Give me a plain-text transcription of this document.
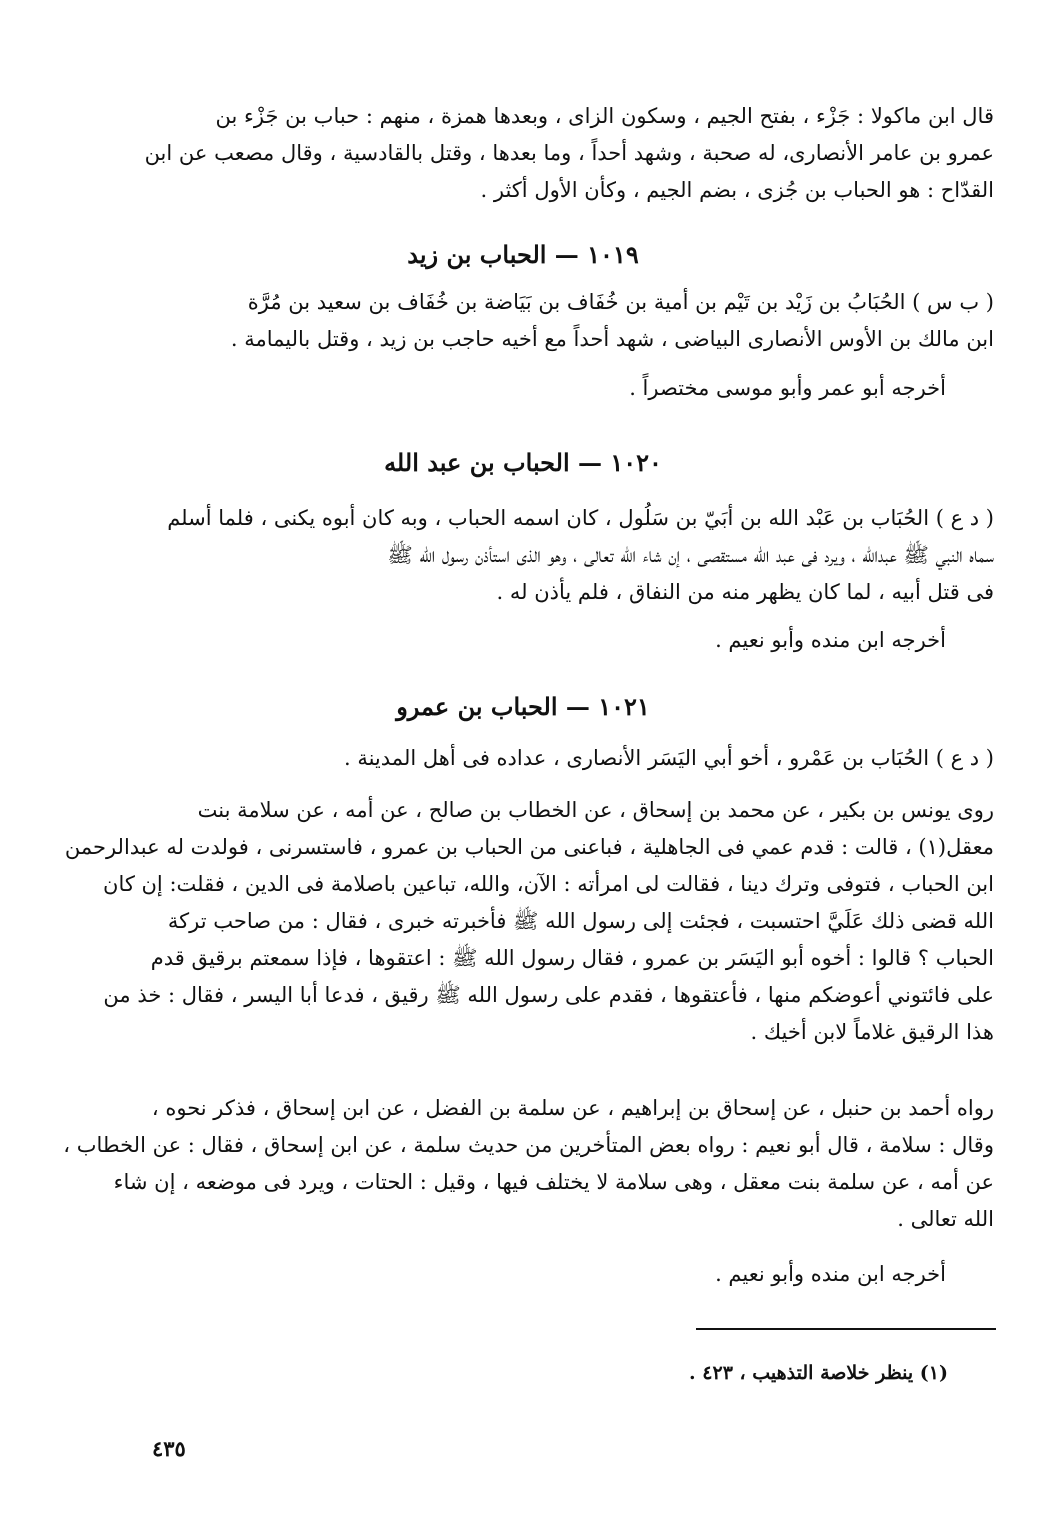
قال ابن ماكولا : جَزْء ، بفتح الجيم ، وسكون الزاى ، وبعدها همزة ، منهم : حباب بن جَزْء بن
عمرو بن عامر الأنصارى، له صحبة ، وشهد أحداً ، وما بعدها ، وقتل بالقادسية ، وقال مصعب عن ابن
القدّاح : هو الحباب بن جُزى ، بضم الجيم ، وكأن الأول أكثر .

١٠١٩ — الحباب بن زيد

( ب س ) الحُبَابُ بن زَيْد بن تَيْم بن أمية بن خُفَاف بن بَيَاضة بن خُفَاف بن سعيد بن مُرَّة
ابن مالك بن الأوس الأنصارى البياضى ، شهد أحداً مع أخيه حاجب بن زيد ، وقتل باليمامة .

أخرجه أبو عمر وأبو موسى مختصراً .

١٠٢٠ — الحباب بن عبد الله

( د ع ) الحُبَاب بن عَبْد الله بن أبَيّ بن سَلُول ، كان اسمه الحباب ، وبه كان أبوه يكنى ، فلما أسلم
سماه النبي ﷺ عبدالله ، ويرد فى عبد الله مستقصى ، إن شاء الله تعالى ، وهو الذى استأذن رسول الله ﷺ
فى قتل أبيه ، لما كان يظهر منه من النفاق ، فلم يأذن له .

أخرجه ابن منده وأبو نعيم .

١٠٢١ — الحباب بن عمرو

( د ع ) الحُبَاب بن عَمْرو ، أخو أبي اليَسَر الأنصارى ، عداده فى أهل المدينة .
روى يونس بن بكير ، عن محمد بن إسحاق ، عن الخطاب بن صالح ، عن أمه ، عن سلامة بنت
معقل(١) ، قالت : قدم عمي فى الجاهلية ، فباعنى من الحباب بن عمرو ، فاستسرنى ، فولدت له عبدالرحمن
ابن الحباب ، فتوفى وترك دينا ، فقالت لى امرأته : الآن، والله، تباعين باصلامة فى الدين ، فقلت: إن كان
الله قضى ذلك عَلَيَّ احتسبت ، فجئت إلى رسول الله ﷺ فأخبرته خبرى ، فقال : من صاحب تركة
الحباب ؟ قالوا : أخوه أبو اليَسَر بن عمرو ، فقال رسول الله ﷺ : اعتقوها ، فإذا سمعتم برقيق قدم
على فائتوني أعوضكم منها ، فأعتقوها ، فقدم على رسول الله ﷺ رقيق ، فدعا أبا اليسر ، فقال : خذ من
هذا الرقيق غلاماً لابن أخيك .
رواه أحمد بن حنبل ، عن إسحاق بن إبراهيم ، عن سلمة بن الفضل ، عن ابن إسحاق ، فذكر نحوه ،
وقال : سلامة ، قال أبو نعيم : رواه بعض المتأخرين من حديث سلمة ، عن ابن إسحاق ، فقال : عن الخطاب ،
عن أمه ، عن سلمة بنت معقل ، وهى سلامة لا يختلف فيها ، وقيل : الحتات ، ويرد فى موضعه ، إن شاء
الله تعالى .

أخرجه ابن منده وأبو نعيم .

(١) ينظر خلاصة التذهيب ، ٤٢٣ .

٤٣٥
